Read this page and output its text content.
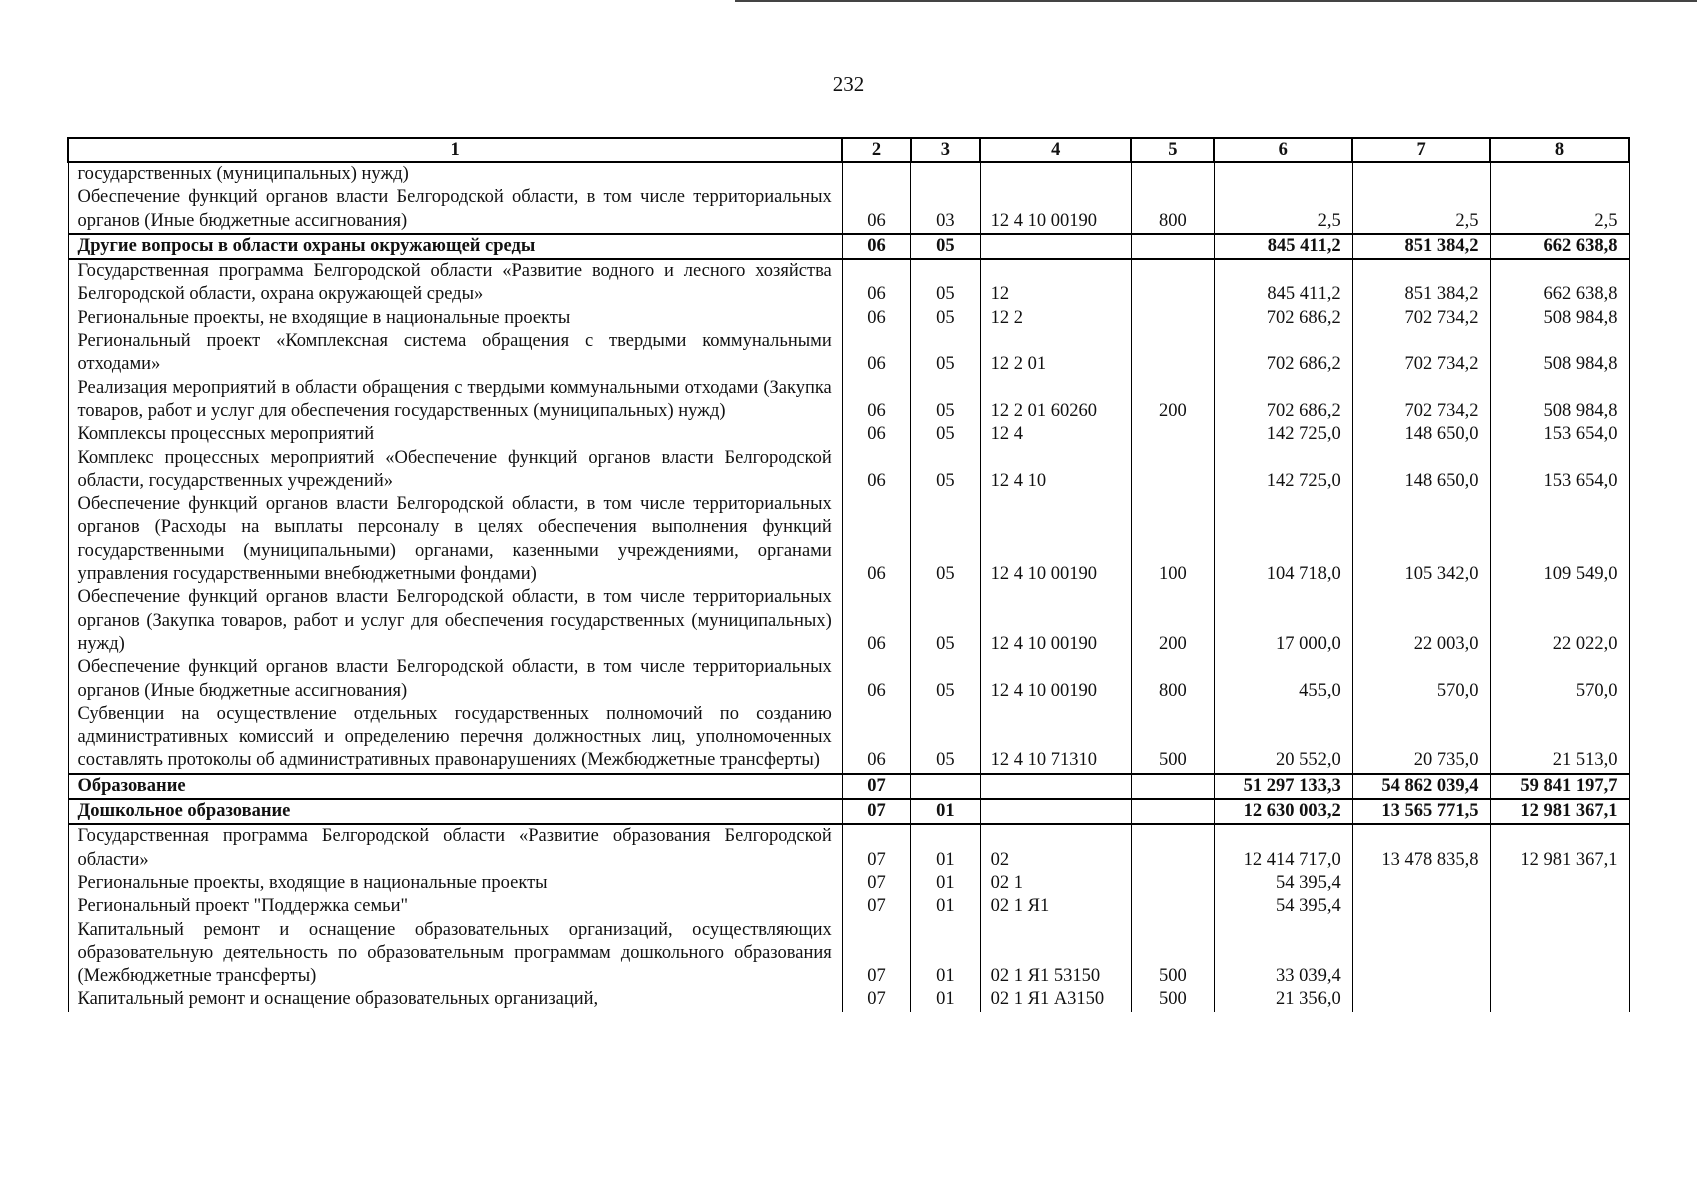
232
1	2	3	4	5	6	7	8
государственных (муниципальных) нужд)							
Обеспечение функций органов власти Белгородской области, в том числе территориальных органов (Иные бюджетные ассигнования)	06	03	12 4 10 00190	800	2,5	2,5	2,5
Другие вопросы в области охраны окружающей среды	06	05			845 411,2	851 384,2	662 638,8
Государственная программа Белгородской области «Развитие водного и лесного хозяйства Белгородской области, охрана окружающей среды»	06	05	12		845 411,2	851 384,2	662 638,8
Региональные проекты, не входящие в национальные проекты	06	05	12 2		702 686,2	702 734,2	508 984,8
Региональный проект «Комплексная система обращения с твердыми коммунальными отходами»	06	05	12 2 01		702 686,2	702 734,2	508 984,8
Реализация мероприятий в области обращения с твердыми коммунальными отходами (Закупка товаров, работ и услуг для обеспечения государственных (муниципальных) нужд)	06	05	12 2 01 60260	200	702 686,2	702 734,2	508 984,8
Комплексы процессных мероприятий	06	05	12 4		142 725,0	148 650,0	153 654,0
Комплекс процессных мероприятий «Обеспечение функций органов власти Белгородской области, государственных учреждений»	06	05	12 4 10		142 725,0	148 650,0	153 654,0
Обеспечение функций органов власти Белгородской области, в том числе территориальных органов (Расходы на выплаты персоналу в целях обеспечения выполнения функций государственными (муниципальными) органами, казенными учреждениями, органами управления государственными внебюджетными фондами)	06	05	12 4 10 00190	100	104 718,0	105 342,0	109 549,0
Обеспечение функций органов власти Белгородской области, в том числе территориальных органов (Закупка товаров, работ и услуг для обеспечения государственных (муниципальных) нужд)	06	05	12 4 10 00190	200	17 000,0	22 003,0	22 022,0
Обеспечение функций органов власти Белгородской области, в том числе территориальных органов (Иные бюджетные ассигнования)	06	05	12 4 10 00190	800	455,0	570,0	570,0
Субвенции на осуществление отдельных государственных полномочий по созданию административных комиссий и определению перечня должностных лиц, уполномоченных составлять протоколы об административных правонарушениях (Межбюджетные трансферты)	06	05	12 4 10 71310	500	20 552,0	20 735,0	21 513,0
Образование	07				51 297 133,3	54 862 039,4	59 841 197,7
Дошкольное образование	07	01			12 630 003,2	13 565 771,5	12 981 367,1
Государственная программа Белгородской области «Развитие образования Белгородской области»	07	01	02		12 414 717,0	13 478 835,8	12 981 367,1
Региональные проекты, входящие в национальные проекты	07	01	02 1		54 395,4		
Региональный проект "Поддержка семьи"	07	01	02 1 Я1		54 395,4		
Капитальный ремонт и оснащение образовательных организаций, осуществляющих образовательную деятельность по образовательным программам дошкольного образования (Межбюджетные трансферты)	07	01	02 1 Я1 53150	500	33 039,4		
Капитальный ремонт и оснащение образовательных организаций,	07	01	02 1 Я1 А3150	500	21 356,0		
